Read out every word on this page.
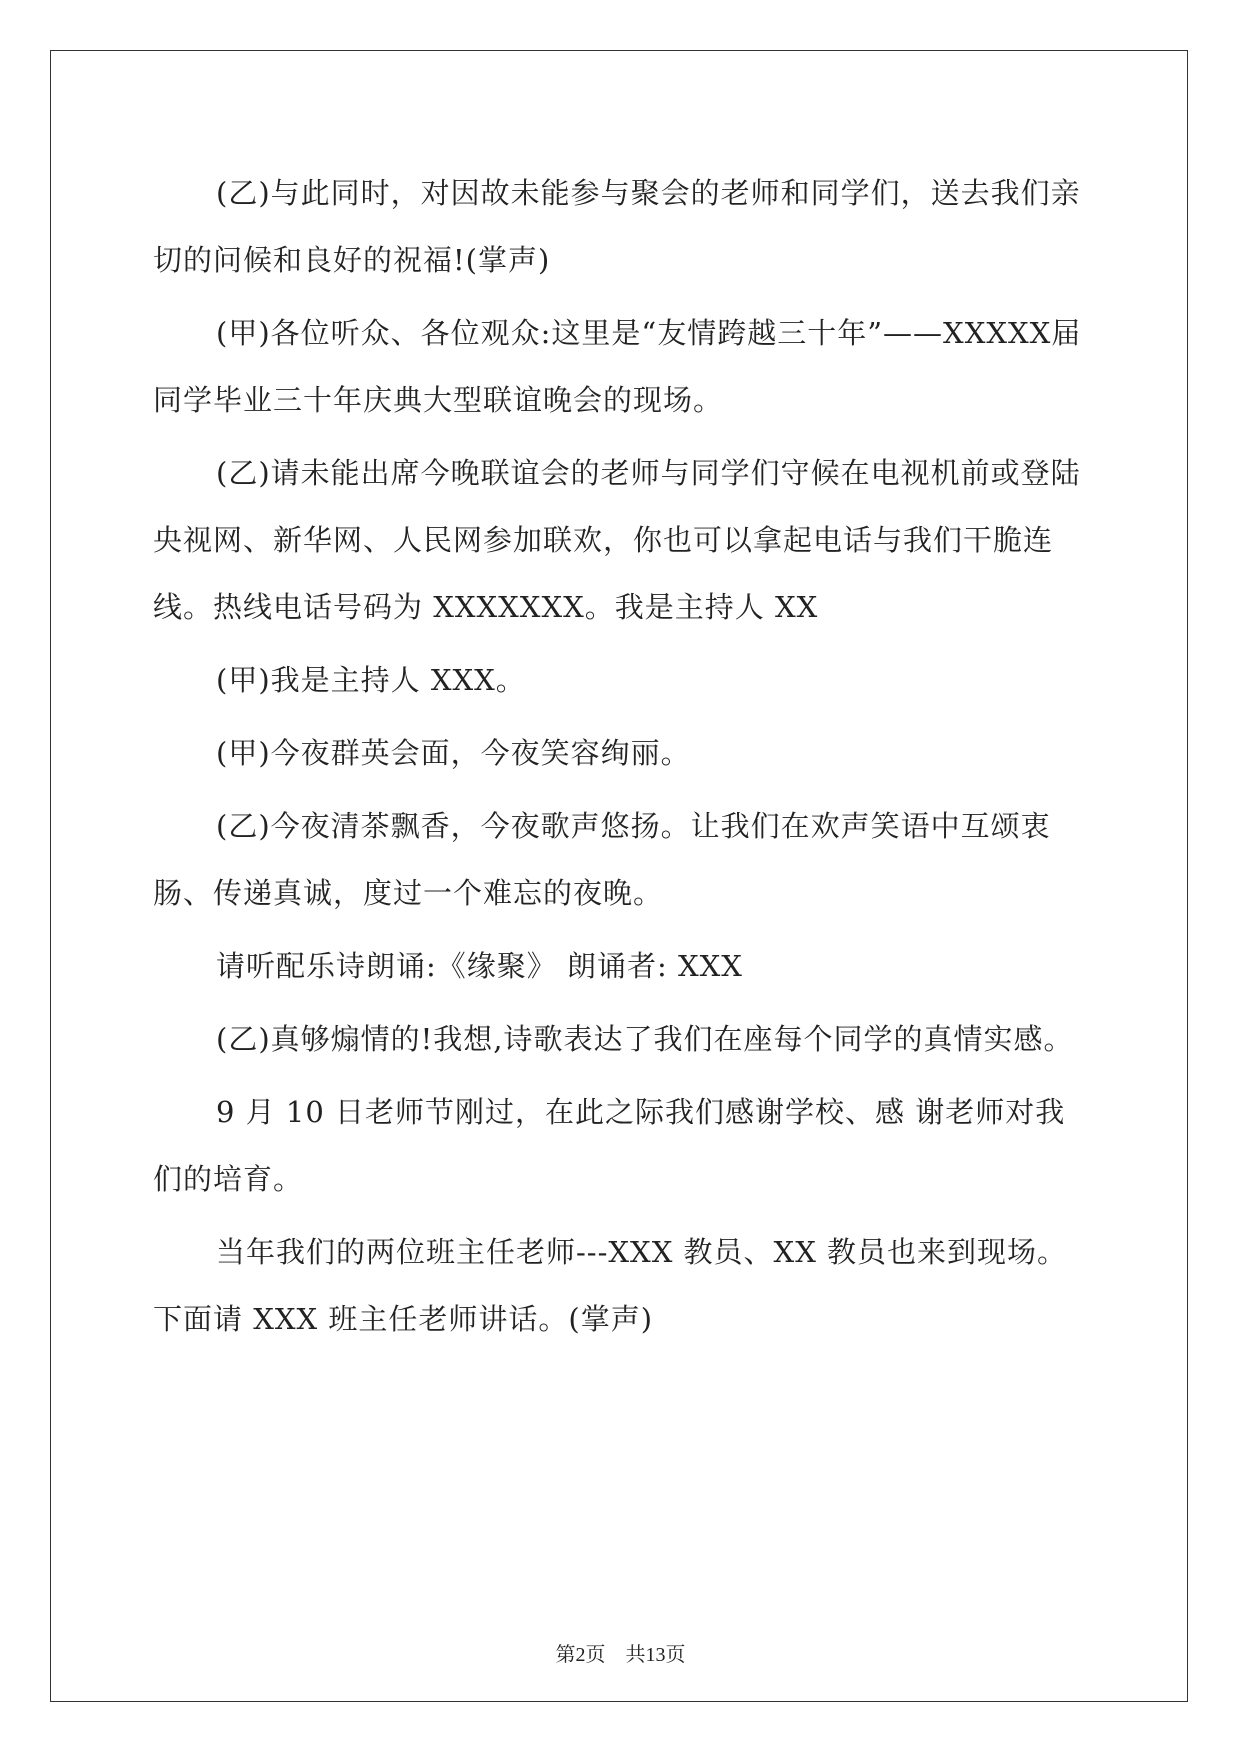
(乙)与此同时，对因故未能参与聚会的老师和同学们，送去我们亲切的问候和良好的祝福!(掌声)

(甲)各位听众、各位观众:这里是“友情跨越三十年”——XXXXX届同学毕业三十年庆典大型联谊晚会的现场。

(乙)请未能出席今晚联谊会的老师与同学们守候在电视机前或登陆央视网、新华网、人民网参加联欢，你也可以拿起电话与我们干脆连线。热线电话号码为 XXXXXXX。我是主持人 XX

(甲)我是主持人 XXX。

(甲)今夜群英会面，今夜笑容绚丽。

(乙)今夜清茶飘香，今夜歌声悠扬。让我们在欢声笑语中互颂衷肠、传递真诚，度过一个难忘的夜晚。

请听配乐诗朗诵:《缘聚》 朗诵者: XXX

(乙)真够煽情的!我想,诗歌表达了我们在座每个同学的真情实感。

9 月 10 日老师节刚过，在此之际我们感谢学校、感 谢老师对我们的培育。

当年我们的两位班主任老师---XXX 教员、XX 教员也来到现场。下面请 XXX 班主任老师讲话。(掌声)

第2页 共13页
